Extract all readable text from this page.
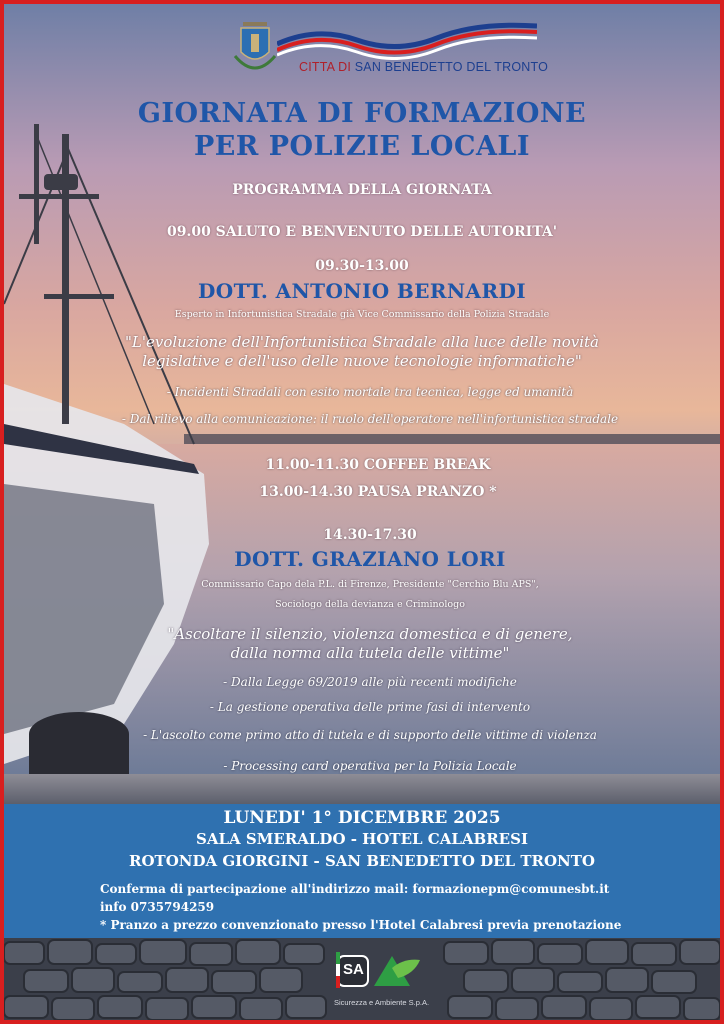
CITTA DI SAN BENEDETTO DEL TRONTO
GIORNATA DI FORMAZIONE
PER POLIZIE LOCALI
PROGRAMMA DELLA GIORNATA
09.00 SALUTO E BENVENUTO DELLE AUTORITA'
09.30-13.00
DOTT. ANTONIO BERNARDI
Esperto in Infortunistica Stradale già Vice Commissario della Polizia Stradale
"L'evoluzione dell'Infortunistica Stradale alla luce delle novità
legislative e dell'uso delle nuove tecnologie informatiche"
- Incidenti Stradali con esito mortale tra tecnica, legge ed umanità
- Dal rilievo alla comunicazione: il ruolo dell'operatore nell'infortunistica stradale
11.00-11.30 COFFEE BREAK
13.00-14.30 PAUSA PRANZO *
14.30-17.30
DOTT. GRAZIANO LORI
Commissario Capo dela P.L. di Firenze, Presidente "Cerchio Blu APS",
Sociologo della devianza e Criminologo
"Ascoltare il silenzio, violenza domestica e di genere,
dalla norma alla tutela delle vittime"
- Dalla Legge 69/2019 alle più recenti modifiche
- La gestione operativa delle prime fasi di intervento
- L'ascolto come primo atto di tutela e di supporto delle vittime di violenza
- Processing card operativa per la Polizia Locale
LUNEDI' 1° DICEMBRE 2025
SALA SMERALDO - HOTEL CALABRESI
ROTONDA GIORGINI - SAN BENEDETTO DEL TRONTO
Conferma di partecipazione all'indirizzo mail: formazionepm@comunesbt.it
info 0735794259
* Pranzo a prezzo convenzionato presso l'Hotel Calabresi previa prenotazione
SA
Sicurezza e Ambiente S.p.A.
